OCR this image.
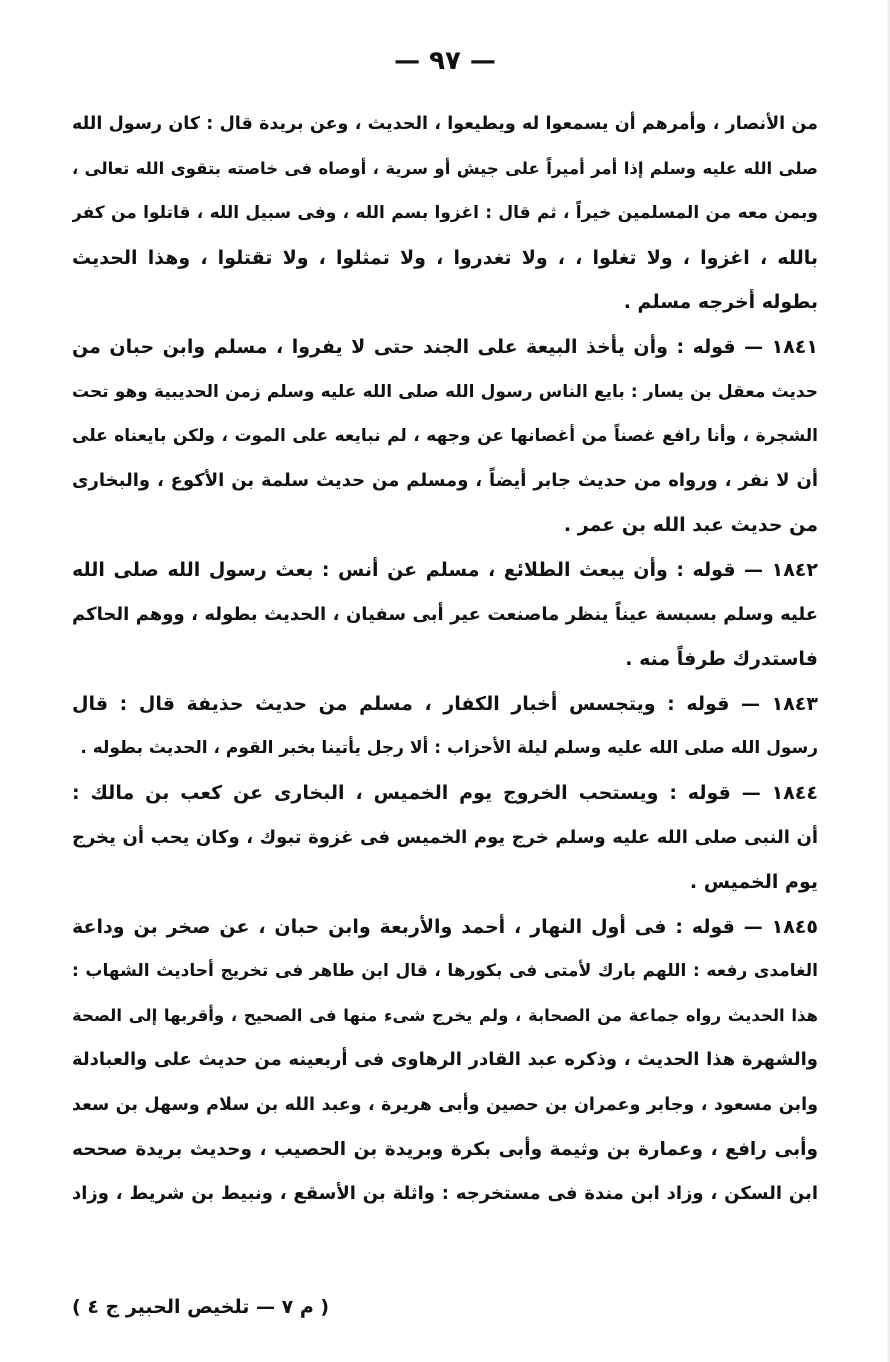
— ٩٧ —
من الأنصار ، وأمرهم أن يسمعوا له ويطيعوا ، الحديث ، وعن بريدة قال : كان رسول الله
صلى الله عليه وسلم إذا أمر أميراً على جيش أو سرية ، أوصاه فى خاصته بتقوى الله تعالى ،
وبمن معه من المسلمين خيراً ، ثم قال : اغزوا بسم الله ، وفى سبيل الله ، قاتلوا من كفر
بالله ، اغزوا ، ولا تغلوا ، ، ولا تغدروا ، ولا تمثلوا ، ولا تقتلوا ، وهذا الحديث
بطوله أخرجه مسلم .
١٨٤١ — قوله : وأن يأخذ البيعة على الجند حتى لا يفروا ، مسلم وابن حبان من
حديث معقل بن يسار : بايع الناس رسول الله صلى الله عليه وسلم زمن الحديبية وهو تحت
الشجرة ، وأنا رافع غصناً من أغصانها عن وجهه ، لم نبايعه على الموت ، ولكن بايعناه على
أن لا نفر ، ورواه من حديث جابر أيضاً ، ومسلم من حديث سلمة بن الأكوع ، والبخارى
من حديث عبد الله بن عمر .
١٨٤٢ — قوله : وأن يبعث الطلائع ، مسلم عن أنس : بعث رسول الله صلى الله
عليه وسلم بسبسة عيناً ينظر ماصنعت عير أبى سفيان ، الحديث بطوله ، ووهم الحاكم
فاستدرك طرفاً منه .
١٨٤٣ — قوله : ويتجسس أخبار الكفار ، مسلم من حديث حذيفة قال : قال
رسول الله صلى الله عليه وسلم ليلة الأحزاب : ألا رجل يأتينا بخبر القوم ، الحديث بطوله .
١٨٤٤ — قوله : ويستحب الخروج يوم الخميس ، البخارى عن كعب بن مالك :
أن النبى صلى الله عليه وسلم خرج يوم الخميس فى غزوة تبوك ، وكان يحب أن يخرج
يوم الخميس .
١٨٤٥ — قوله : فى أول النهار ، أحمد والأربعة وابن حبان ، عن صخر بن وداعة
الغامدى رفعه : اللهم بارك لأمتى فى بكورها ، قال ابن طاهر فى تخريج أحاديث الشهاب :
هذا الحديث رواه جماعة من الصحابة ، ولم يخرج شىء منها فى الصحيح ، وأقربها إلى الصحة
والشهرة هذا الحديث ، وذكره عبد القادر الرهاوى فى أربعينه من حديث على والعبادلة
وابن مسعود ، وجابر وعمران بن حصين وأبى هريرة ، وعبد الله بن سلام وسهل بن سعد
وأبى رافع ، وعمارة بن وثيمة وأبى بكرة وبريدة بن الحصيب ، وحديث بريدة صححه
ابن السكن ، وزاد ابن مندة فى مستخرجه : واثلة بن الأسقع ، ونبيط بن شريط ، وزاد
( م ٧ — تلخيص الحبير ج ٤ )
